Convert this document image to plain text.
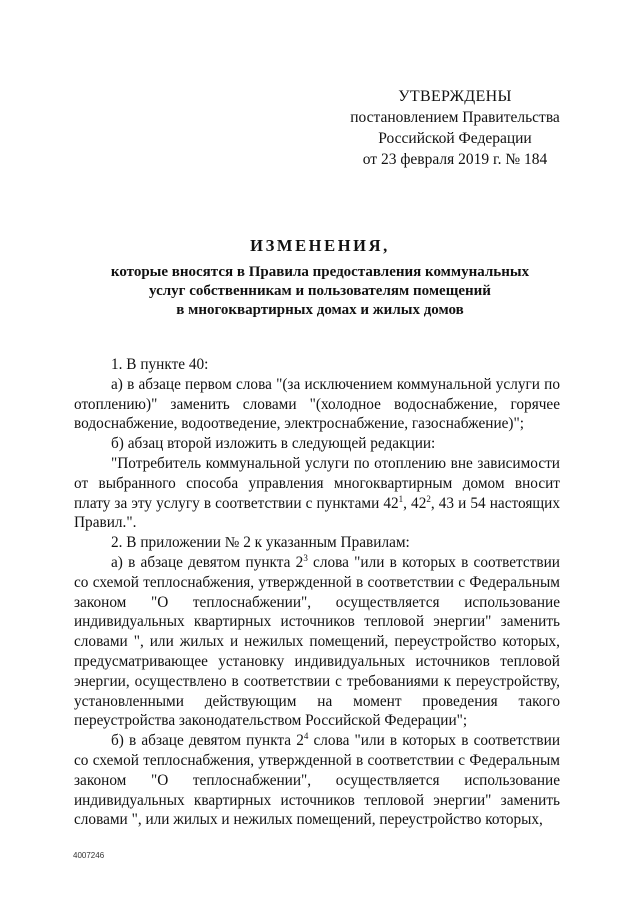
УТВЕРЖДЕНЫ
постановлением Правительства
Российской Федерации
от 23 февраля 2019 г. № 184
ИЗМЕНЕНИЯ,
которые вносятся в Правила предоставления коммунальных
услуг собственникам и пользователям помещений
в многоквартирных домах и жилых домов

1. В пункте 40:

а) в абзаце первом слова "(за исключением коммунальной услуги по отоплению)" заменить словами "(холодное водоснабжение, горячее водоснабжение, водоотведение, электроснабжение, газоснабжение)";

б) абзац второй изложить в следующей редакции:

"Потребитель коммунальной услуги по отоплению вне зависимости от выбранного способа управления многоквартирным домом вносит плату за эту услугу в соответствии с пунктами $42^1$, $42^2$, 43 и 54 настоящих Правил.".

2. В приложении № 2 к указанным Правилам:

а) в абзаце девятом пункта $2^3$ слова "или в которых в соответствии со схемой теплоснабжения, утвержденной в соответствии с Федеральным законом "О теплоснабжении", осуществляется использование индивидуальных квартирных источников тепловой энергии" заменить словами ", или жилых и нежилых помещений, переустройство которых, предусматривающее установку индивидуальных источников тепловой энергии, осуществлено в соответствии с требованиями к переустройству, установленными действующим на момент проведения такого переустройства законодательством Российской Федерации";

б) в абзаце девятом пункта $2^4$ слова "или в которых в соответствии со схемой теплоснабжения, утвержденной в соответствии с Федеральным законом "О теплоснабжении", осуществляется использование индивидуальных квартирных источников тепловой энергии" заменить словами ", или жилых и нежилых помещений, переустройство которых,

4007246
